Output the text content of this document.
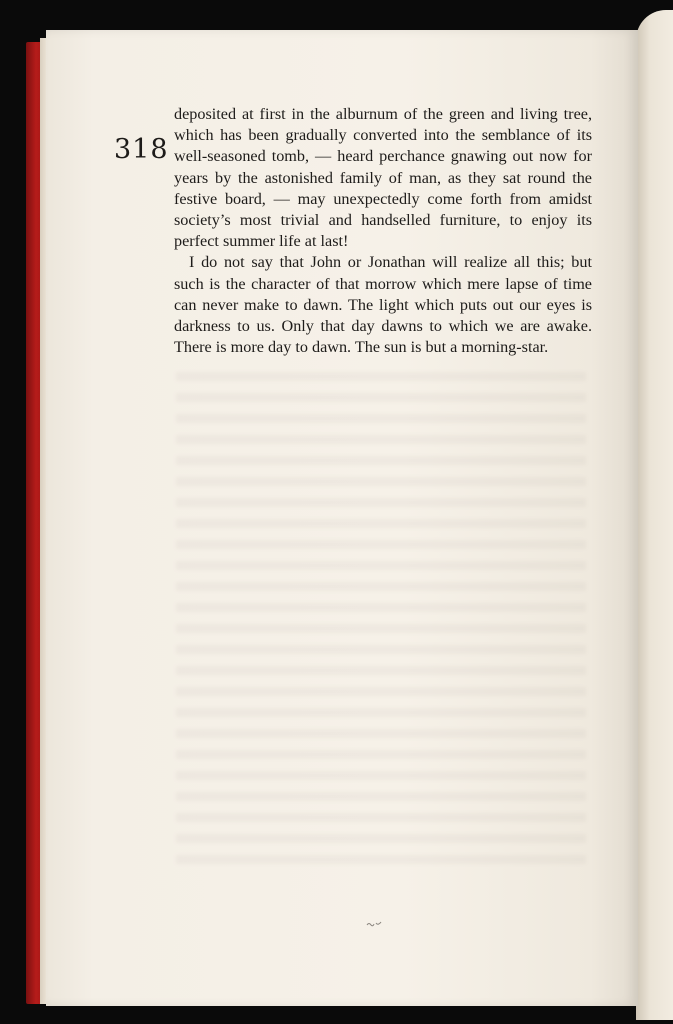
318
deposited at first in the alburnum of the green and living tree,
which has been gradually converted into the semblance of its
well-seasoned tomb, — heard perchance gnawing out now for
years by the astonished family of man, as they sat round the
festive board, — may unexpectedly come forth from amidst
society’s most trivial and handselled furniture, to enjoy its
perfect summer life at last!
I do not say that John or Jonathan will realize all this; but
such is the character of that morrow which mere lapse of time
can never make to dawn. The light which puts out our eyes is
darkness to us. Only that day dawns to which we are awake.
There is more day to dawn. The sun is but a morning-star.
